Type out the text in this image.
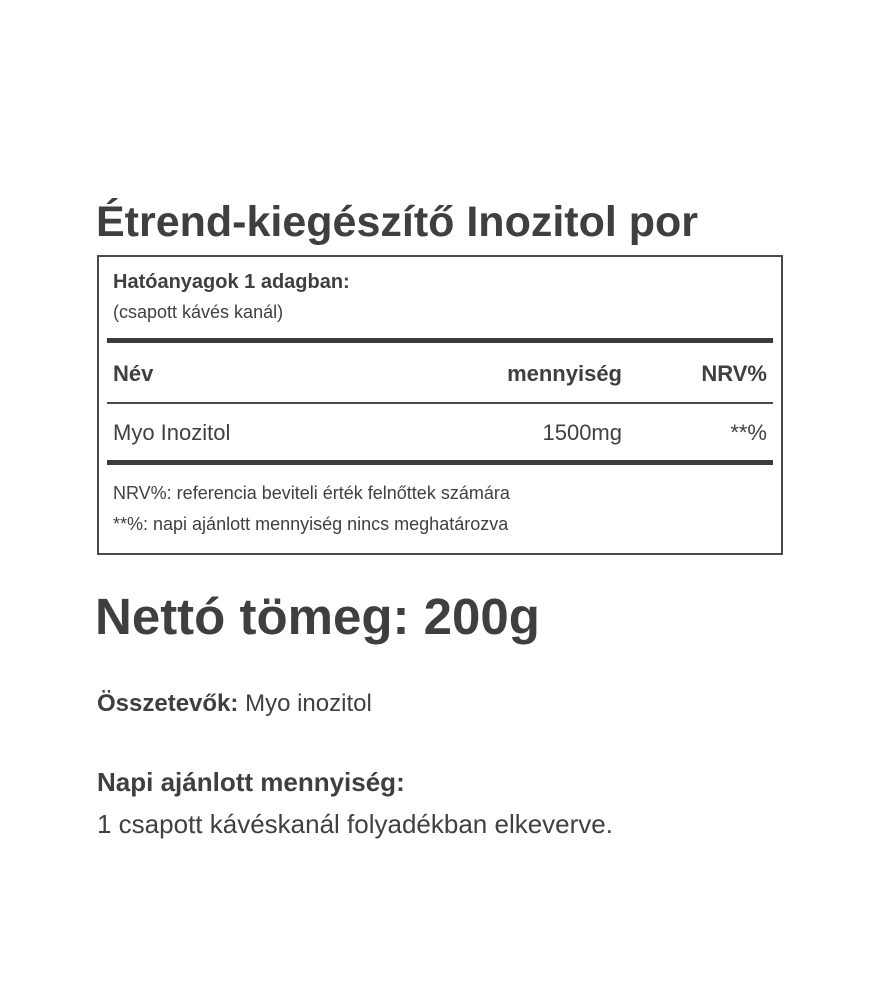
Étrend-kiegészítő Inozitol por
Hatóanyagok 1 adagban:
(csapott kávés kanál)
Név	mennyiség	NRV%
Myo Inozitol	1500mg	**%
NRV%: referencia beviteli érték felnőttek számára
**%: napi ajánlott mennyiség nincs meghatározva
Nettó tömeg: 200g
Összetevők: Myo inozitol
Napi ajánlott mennyiség:
1 csapott kávéskanál folyadékban elkeverve.
